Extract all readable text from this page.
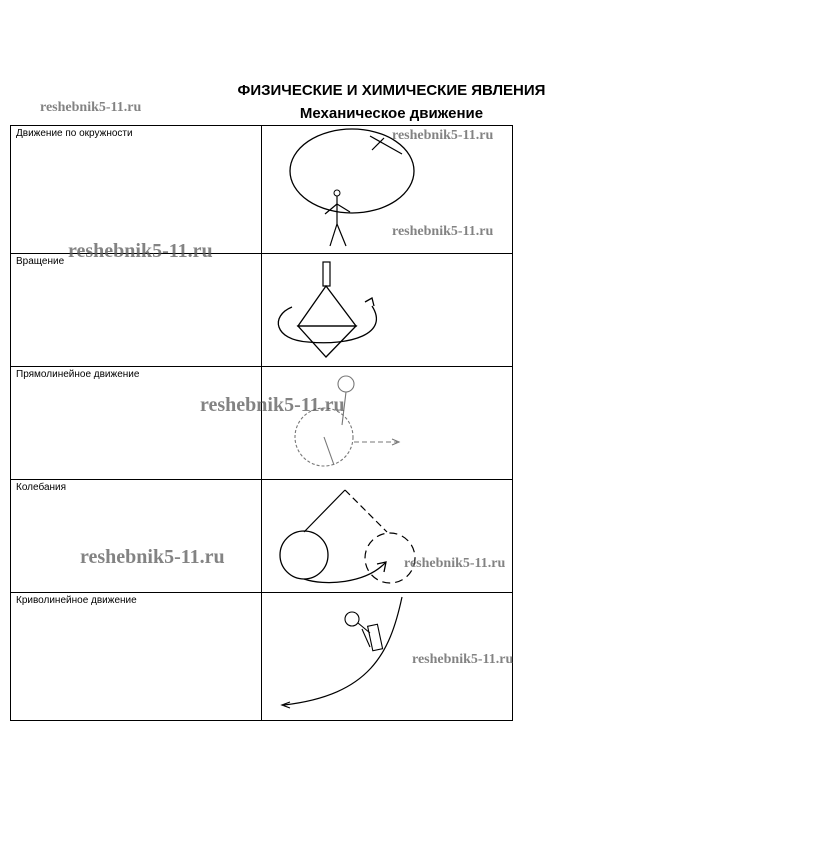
ФИЗИЧЕСКИЕ И ХИМИЧЕСКИЕ ЯВЛЕНИЯ
Механическое движение
Движение по окружности

Вращение

Прямолинейное движение

Колебания

Криволинейное движение

reshebnik5-11.ru
reshebnik5-11.ru
reshebnik5-11.ru
reshebnik5-11.ru
reshebnik5-11.ru
reshebnik5-11.ru	reshebnik5-11.ru
reshebnik5-11.ru
